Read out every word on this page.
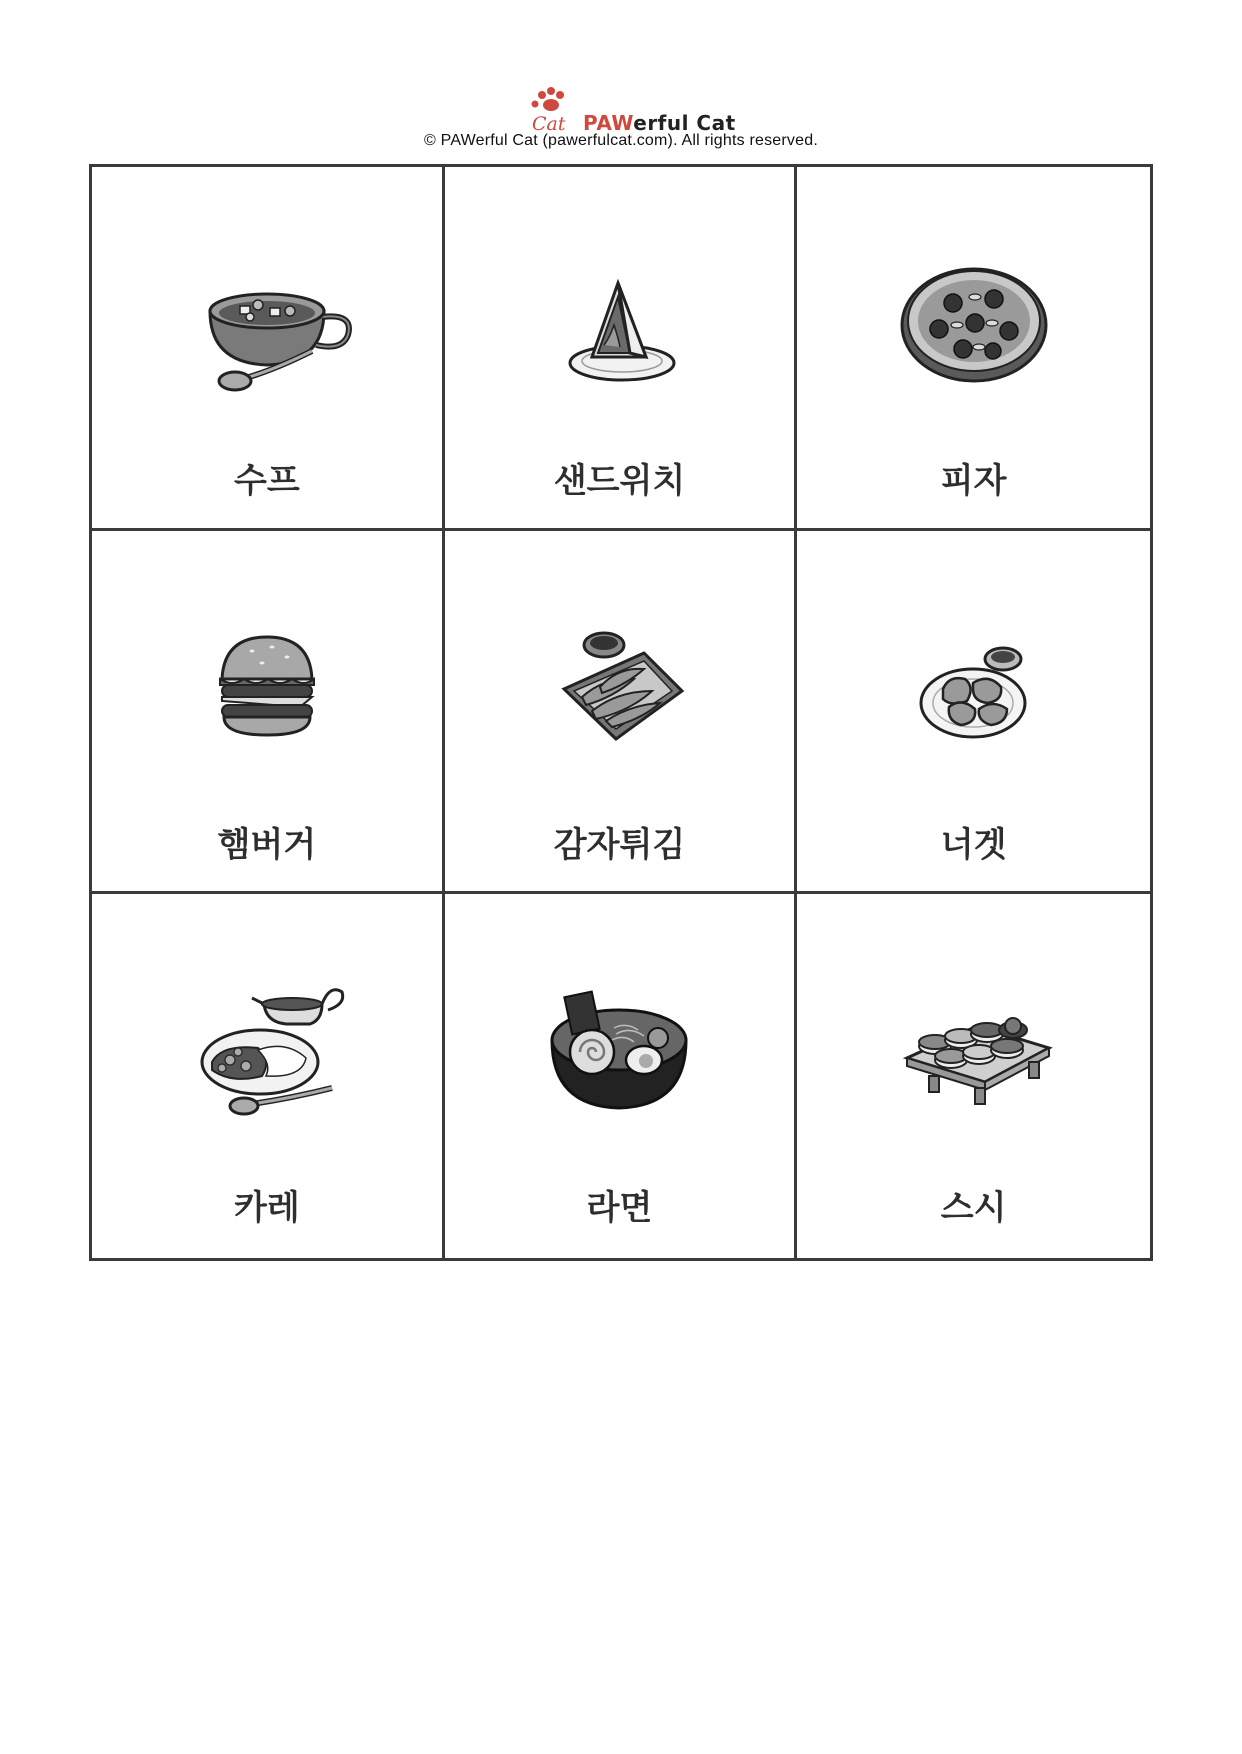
Cat PAWerful Cat
© PAWerful Cat (pawerfulcat.com). All rights reserved.
수프	샌드위치	피자
햄버거	감자튀김	너겟
카레	라면	스시
